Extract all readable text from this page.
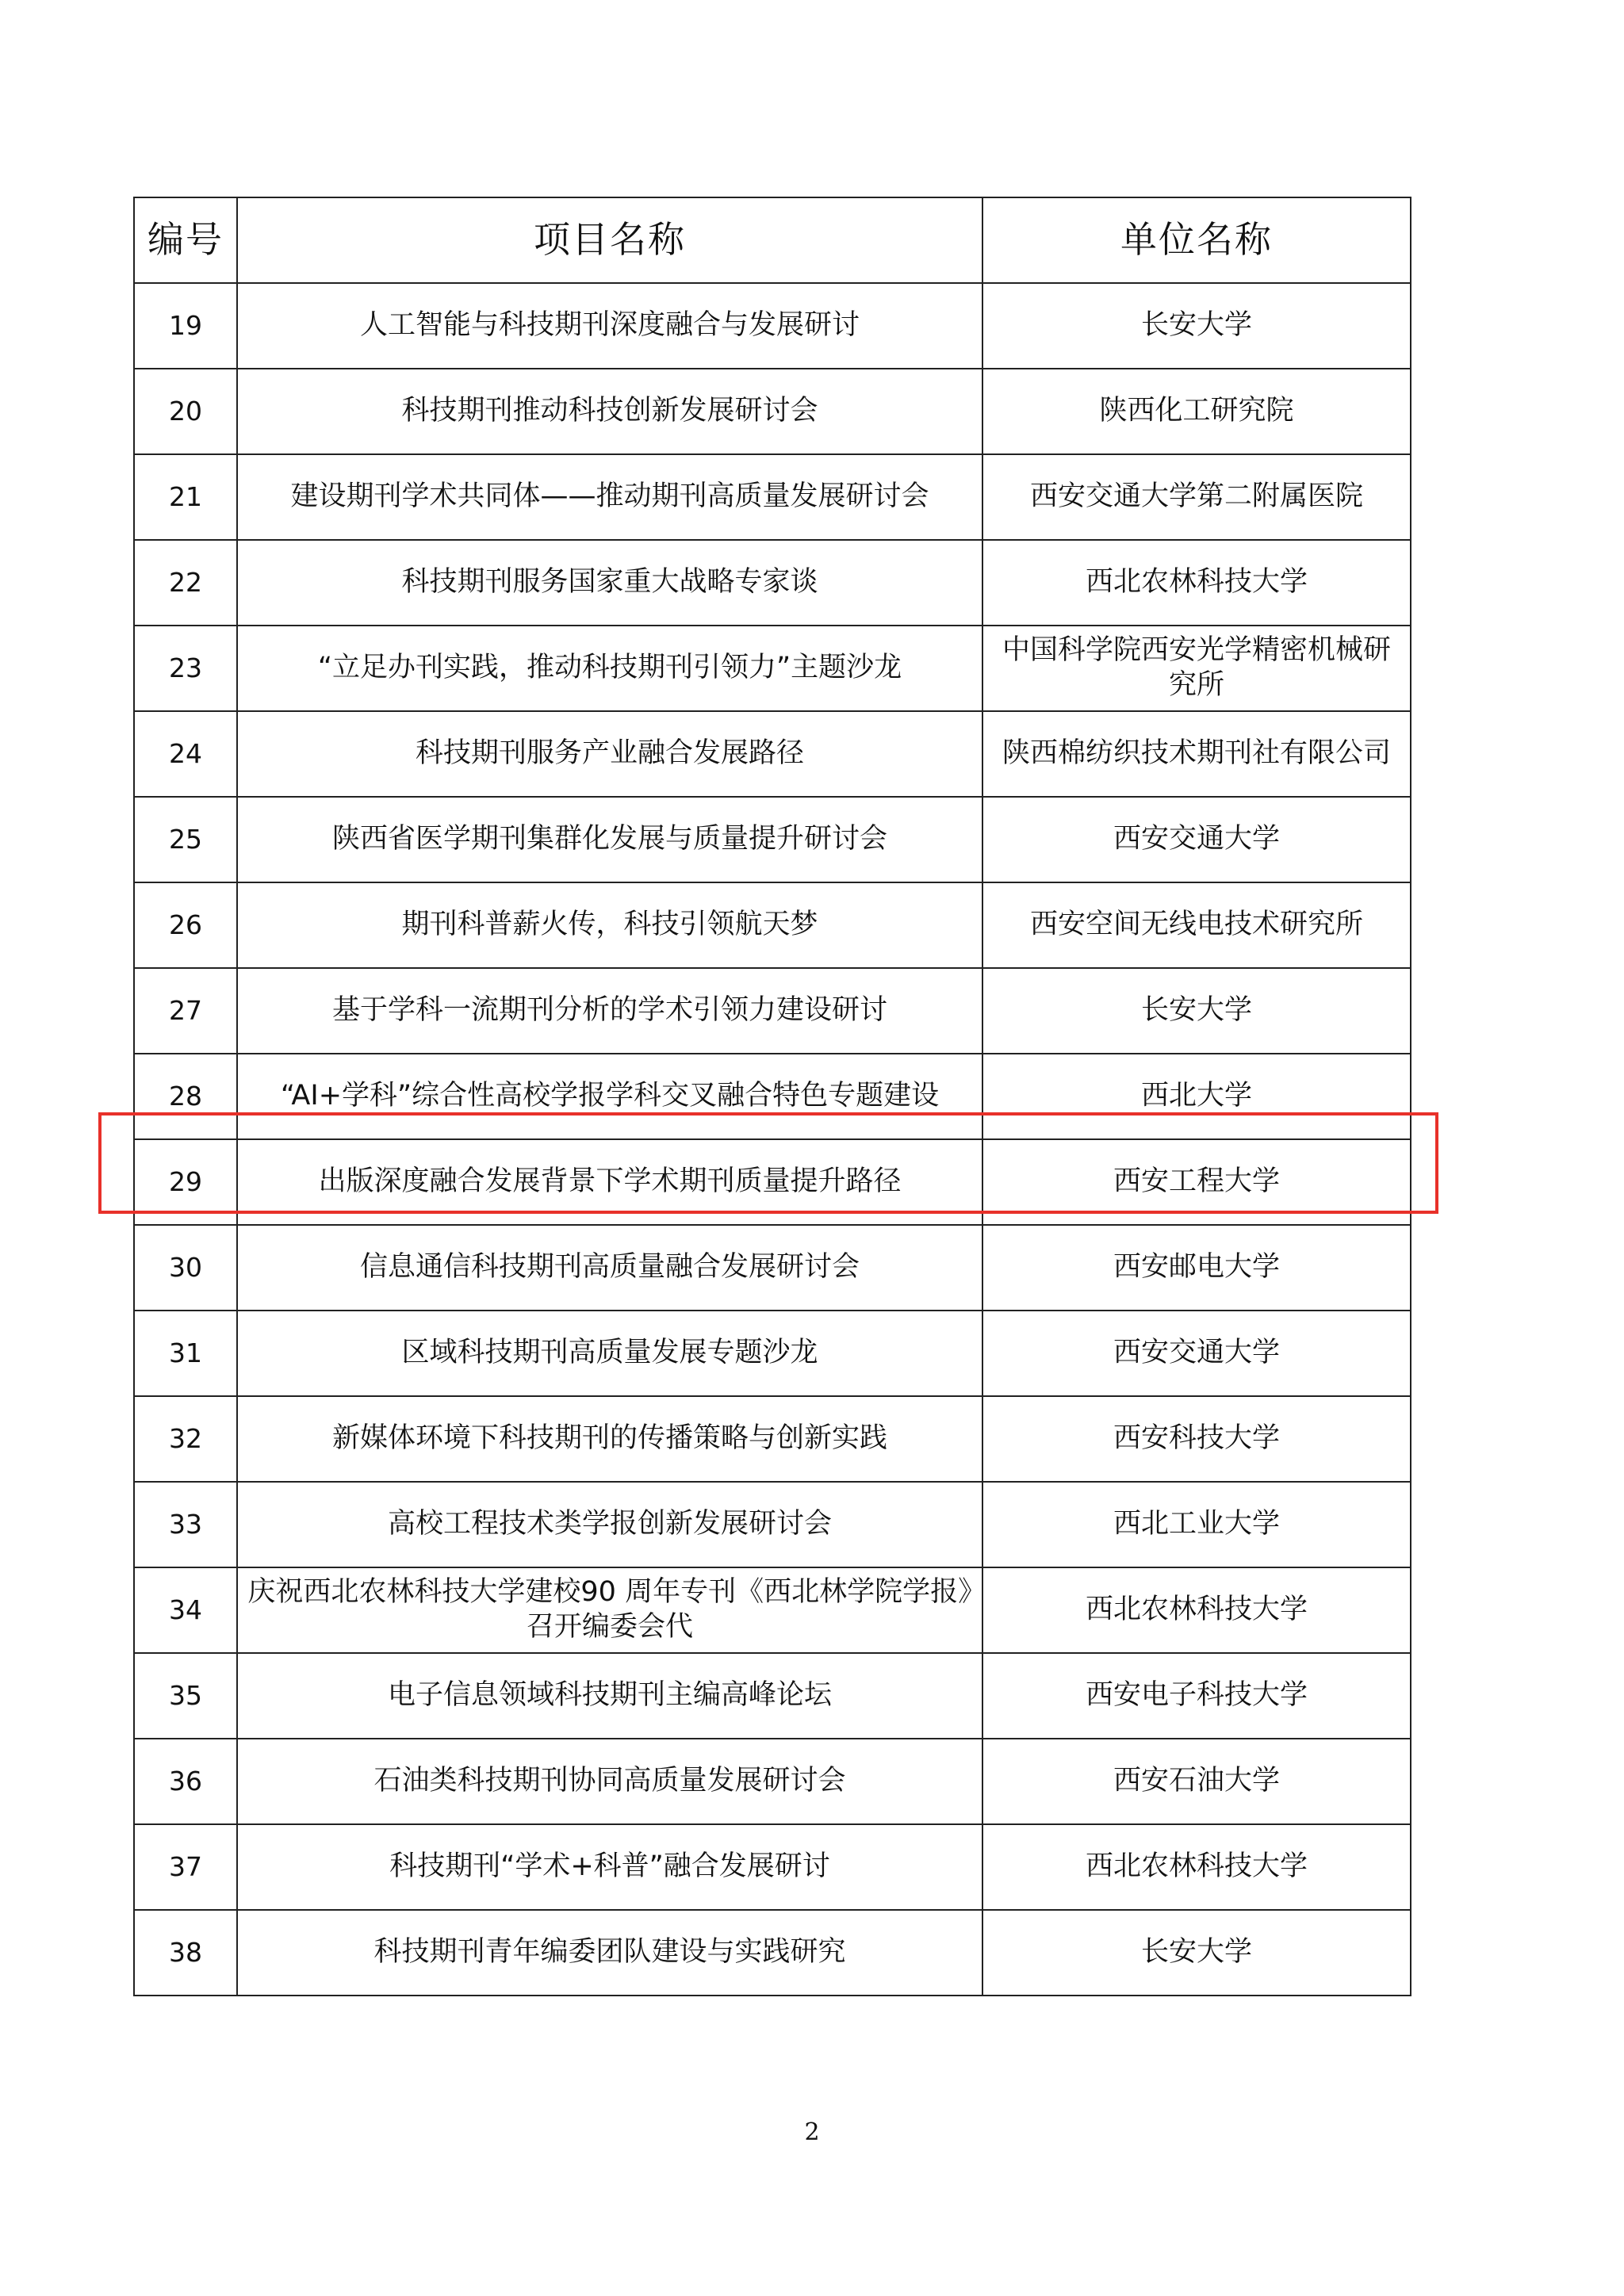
编号	项目名称	单位名称
19	人工智能与科技期刊深度融合与发展研讨	长安大学
20	科技期刊推动科技创新发展研讨会	陕西化工研究院
21	建设期刊学术共同体——推动期刊高质量发展研讨会	西安交通大学第二附属医院
22	科技期刊服务国家重大战略专家谈	西北农林科技大学
23	“立足办刊实践，推动科技期刊引领力”主题沙龙	中国科学院西安光学精密机械研究所
24	科技期刊服务产业融合发展路径	陕西棉纺织技术期刊社有限公司
25	陕西省医学期刊集群化发展与质量提升研讨会	西安交通大学
26	期刊科普薪火传，科技引领航天梦	西安空间无线电技术研究所
27	基于学科一流期刊分析的学术引领力建设研讨	长安大学
28	“AI+学科”综合性高校学报学科交叉融合特色专题建设	西北大学
29	出版深度融合发展背景下学术期刊质量提升路径	西安工程大学
30	信息通信科技期刊高质量融合发展研讨会	西安邮电大学
31	区域科技期刊高质量发展专题沙龙	西安交通大学
32	新媒体环境下科技期刊的传播策略与创新实践	西安科技大学
33	高校工程技术类学报创新发展研讨会	西北工业大学
34	庆祝西北农林科技大学建校90 周年专刊《西北林学院学报》召开编委会代	西北农林科技大学
35	电子信息领域科技期刊主编高峰论坛	西安电子科技大学
36	石油类科技期刊协同高质量发展研讨会	西安石油大学
37	科技期刊“学术+科普”融合发展研讨	西北农林科技大学
38	科技期刊青年编委团队建设与实践研究	长安大学
2
